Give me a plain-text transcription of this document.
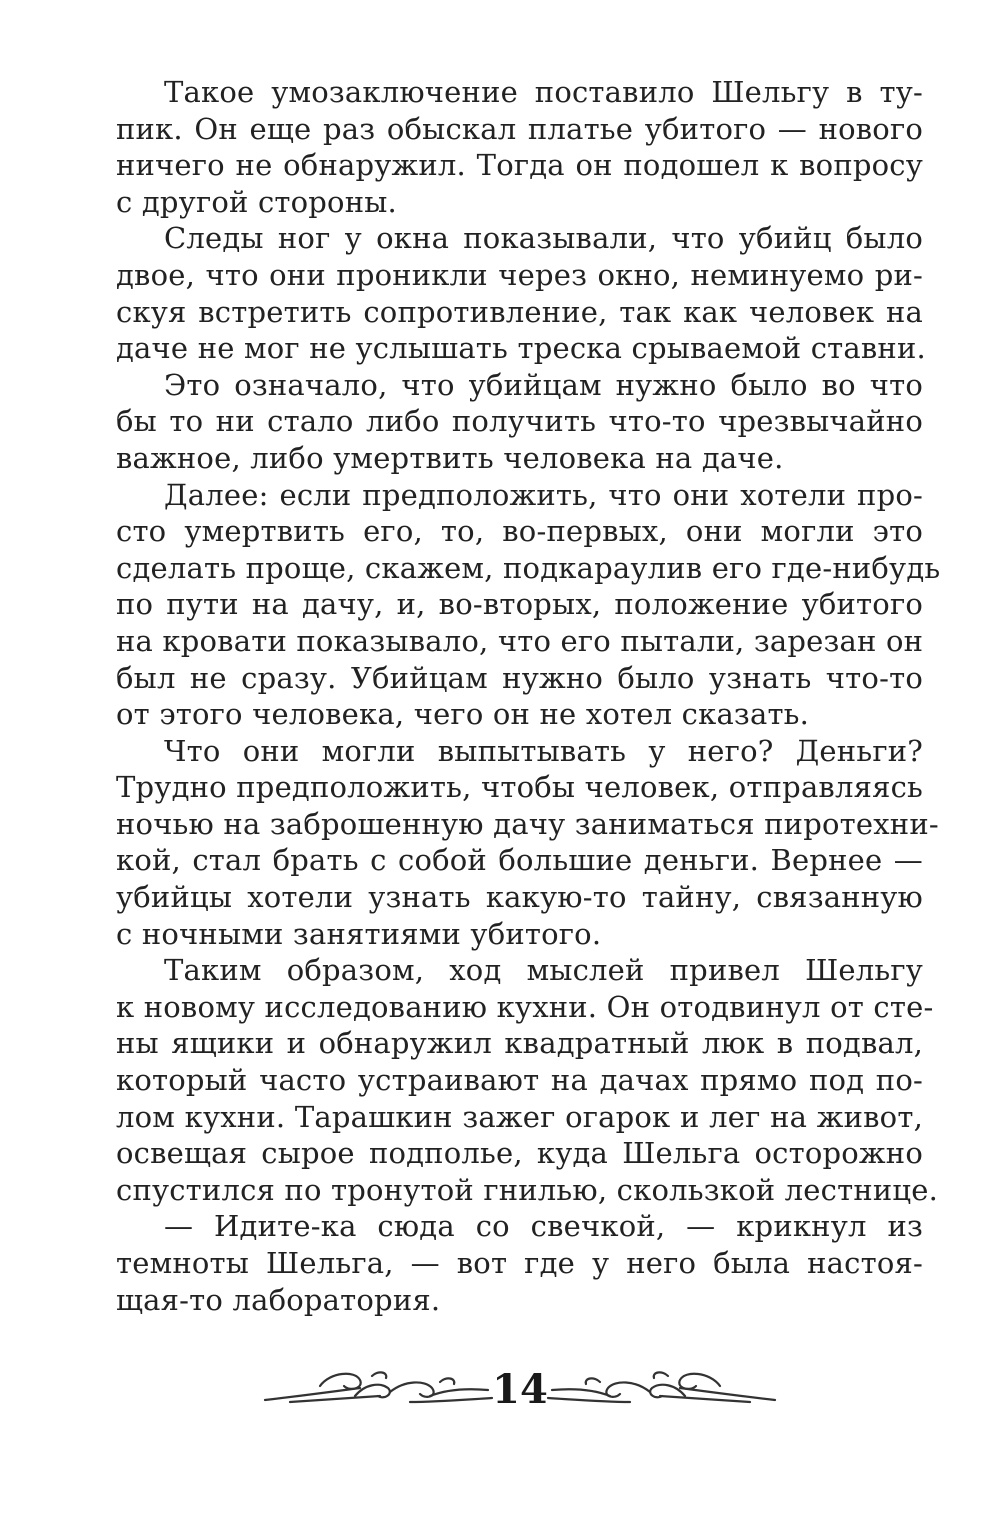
Такое умозаключение поставило Шельгу в ту-
пик. Он еще раз обыскал платье убитого — нового
ничего не обнаружил. Тогда он подошел к вопросу
с другой стороны.
Следы ног у окна показывали, что убийц было
двое, что они проникли через окно, неминуемо ри-
скуя встретить сопротивление, так как человек на
даче не мог не услышать треска срываемой ставни.
Это означало, что убийцам нужно было во что
бы то ни стало либо получить что-то чрезвычайно
важное, либо умертвить человека на даче.
Далее: если предположить, что они хотели про-
сто умертвить его, то, во-первых, они могли это
сделать проще, скажем, подкараулив его где-нибудь
по пути на дачу, и, во-вторых, положение убитого
на кровати показывало, что его пытали, зарезан он
был не сразу. Убийцам нужно было узнать что-то
от этого человека, чего он не хотел сказать.
Что они могли выпытывать у него? Деньги?
Трудно предположить, чтобы человек, отправляясь
ночью на заброшенную дачу заниматься пиротехни-
кой, стал брать с собой большие деньги. Вернее —
убийцы хотели узнать какую-то тайну, связанную
с ночными занятиями убитого.
Таким образом, ход мыслей привел Шельгу
к новому исследованию кухни. Он отодвинул от сте-
ны ящики и обнаружил квадратный люк в подвал,
который часто устраивают на дачах прямо под по-
лом кухни. Тарашкин зажег огарок и лег на живот,
освещая сырое подполье, куда Шельга осторожно
спустился по тронутой гнилью, скользкой лестнице.
— Идите-ка сюда со свечкой, — крикнул из
темноты Шельга, — вот где у него была настоя-
щая-то лаборатория.
14
